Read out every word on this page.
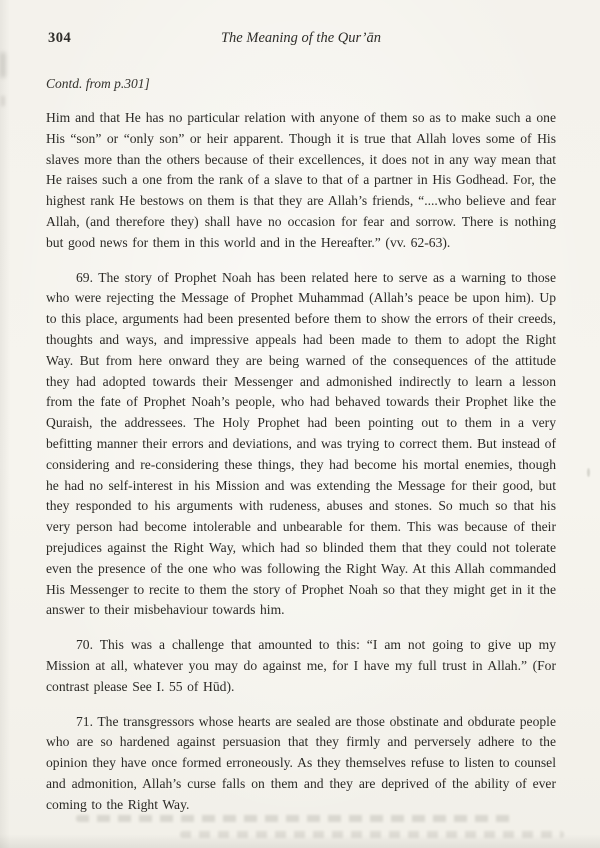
304	The Meaning of the Qur’ān
Contd. from p.301]

Him and that He has no particular relation with anyone of them so as to make such a one His “son” or “only son” or heir apparent. Though it is true that Allah loves some of His slaves more than the others because of their excellences, it does not in any way mean that He raises such a one from the rank of a slave to that of a partner in His Godhead. For, the highest rank He bestows on them is that they are Allah’s friends, “....who believe and fear Allah, (and therefore they) shall have no occasion for fear and sorrow. There is nothing but good news for them in this world and in the Hereafter.” (vv. 62-63).

69. The story of Prophet Noah has been related here to serve as a warning to those who were rejecting the Message of Prophet Muhammad (Allah’s peace be upon him). Up to this place, arguments had been presented before them to show the errors of their creeds, thoughts and ways, and impressive appeals had been made to them to adopt the Right Way. But from here onward they are being warned of the consequences of the attitude they had adopted towards their Messenger and admonished indirectly to learn a lesson from the fate of Prophet Noah’s people, who had behaved towards their Prophet like the Quraish, the addressees. The Holy Prophet had been pointing out to them in a very befitting manner their errors and deviations, and was trying to correct them. But instead of considering and re-considering these things, they had become his mortal enemies, though he had no self-interest in his Mission and was extending the Message for their good, but they responded to his arguments with rudeness, abuses and stones. So much so that his very person had become intolerable and unbearable for them. This was because of their prejudices against the Right Way, which had so blinded them that they could not tolerate even the presence of the one who was following the Right Way. At this Allah commanded His Messenger to recite to them the story of Prophet Noah so that they might get in it the answer to their misbehaviour towards him.

70. This was a challenge that amounted to this: “I am not going to give up my Mission at all, whatever you may do against me, for I have my full trust in Allah.” (For contrast please See I. 55 of Hūd).

71. The transgressors whose hearts are sealed are those obstinate and obdurate people who are so hardened against persuasion that they firmly and perversely adhere to the opinion they have once formed erroneously. As they themselves refuse to listen to counsel and admonition, Allah’s curse falls on them and they are deprived of the ability of ever coming to the Right Way.
